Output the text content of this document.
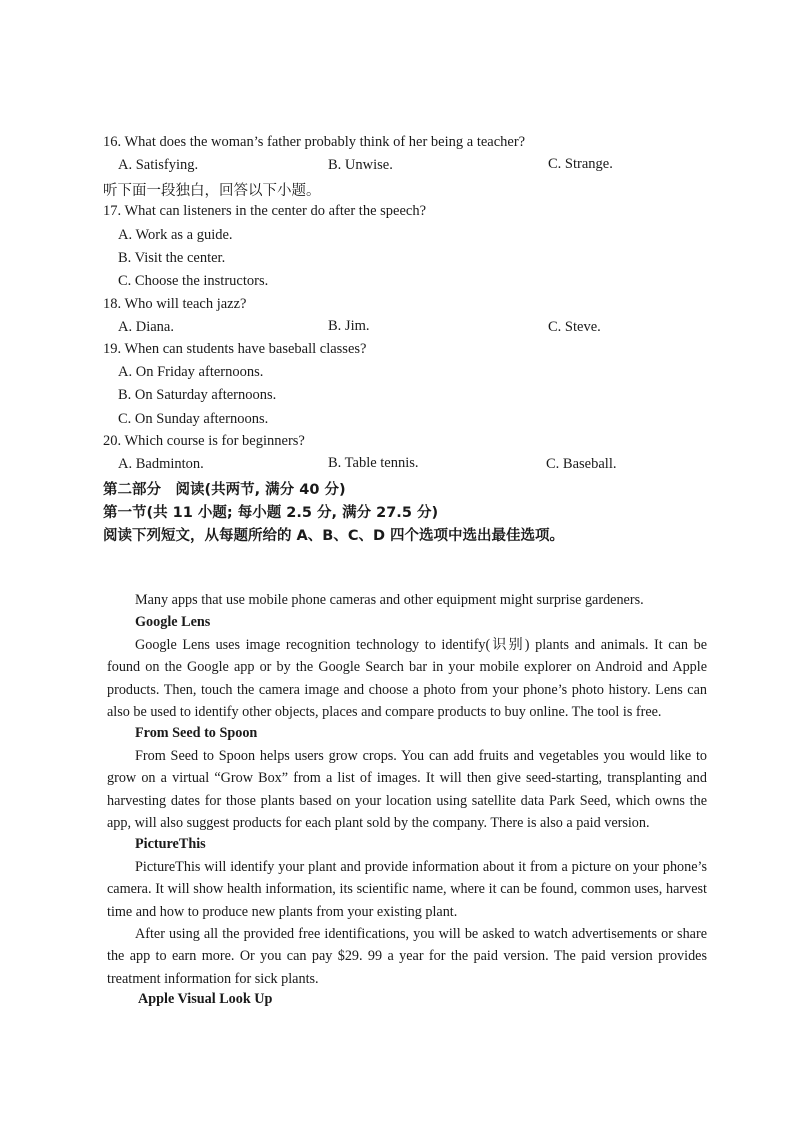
16. What does the woman’s father probably think of her being a teacher?
A. Satisfying.	B. Unwise.	C. Strange.
听下面一段独白，回答以下小题。
17. What can listeners in the center do after the speech?
A. Work as a guide.
B. Visit the center.
C. Choose the instructors.
18. Who will teach jazz?
A. Diana.	B. Jim.	C. Steve.
19. When can students have baseball classes?
A. On Friday afternoons.
B. On Saturday afternoons.
C. On Sunday afternoons.
20. Which course is for beginners?
A. Badminton.	B. Table tennis.	C. Baseball.
第二部分　阅读(共两节, 满分 40 分)
第一节(共 11 小题; 每小题 2.5 分, 满分 27.5 分)
阅读下列短文，从每题所给的 A、B、C、D 四个选项中选出最佳选项。
Many apps that use mobile phone cameras and other equipment might surprise gardeners.
Google Lens

Google Lens uses image recognition technology to identify(识别) plants and animals. It can be found on the Google app or by the Google Search bar in your mobile explorer on Android and Apple products. Then, touch the camera image and choose a photo from your phone’s photo history. Lens can also be used to identify other objects, places and compare products to buy online. The tool is free.

From Seed to Spoon

From Seed to Spoon helps users grow crops. You can add fruits and vegetables you would like to grow on a virtual “Grow Box” from a list of images. It will then give seed-starting, transplanting and harvesting dates for those plants based on your location using satellite data Park Seed, which owns the app, will also suggest products for each plant sold by the company. There is also a paid version.

PictureThis

PictureThis will identify your plant and provide information about it from a picture on your phone’s camera. It will show health information, its scientific name, where it can be found, common uses, harvest time and how to produce new plants from your existing plant.

After using all the provided free identifications, you will be asked to watch advertisements or share the app to earn more. Or you can pay $29. 99 a year for the paid version. The paid version provides treatment information for sick plants.

Apple Visual Look Up
